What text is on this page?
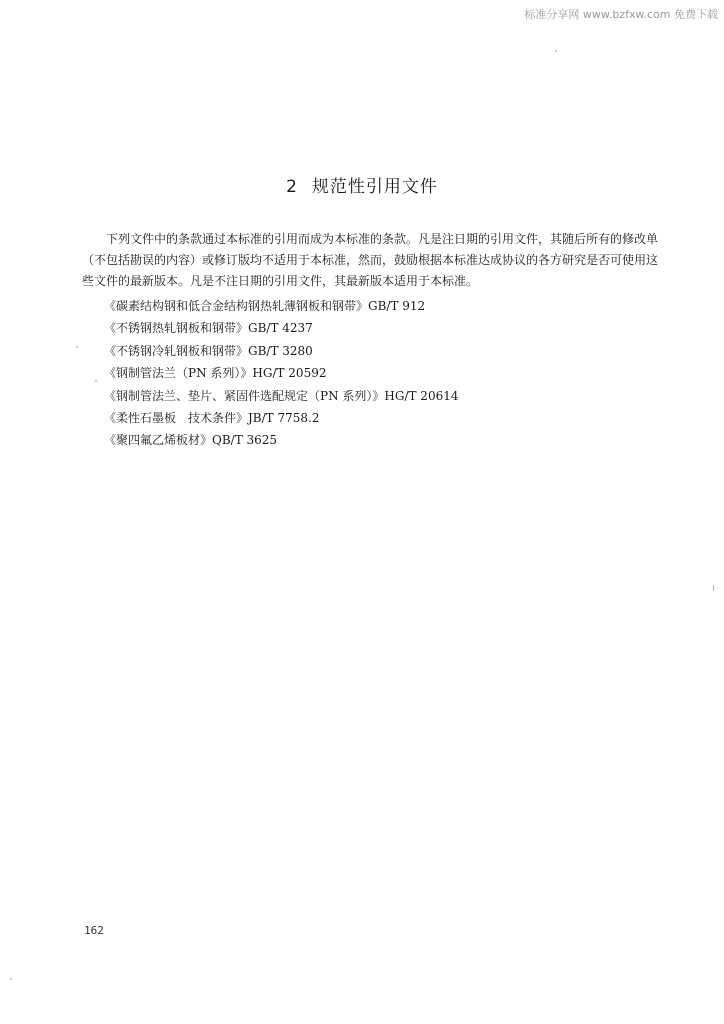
标准分享网 www.bzfxw.com 免费下载
2 规范性引用文件

下列文件中的条款通过本标准的引用而成为本标准的条款。凡是注日期的引用文件，其随后所有的修改单（不包括勘误的内容）或修订版均不适用于本标准，然而，鼓励根据本标准达成协议的各方研究是否可使用这些文件的最新版本。凡是不注日期的引用文件，其最新版本适用于本标准。

《碳素结构钢和低合金结构钢热轧薄钢板和钢带》GB/T 912
《不锈钢热轧钢板和钢带》GB/T 4237
《不锈钢冷轧钢板和钢带》GB/T 3280
《钢制管法兰（PN 系列）》HG/T 20592
《钢制管法兰、垫片、紧固件选配规定（PN 系列）》HG/T 20614
《柔性石墨板　技术条件》JB/T 7758.2
《聚四氟乙烯板材》QB/T 3625
162
